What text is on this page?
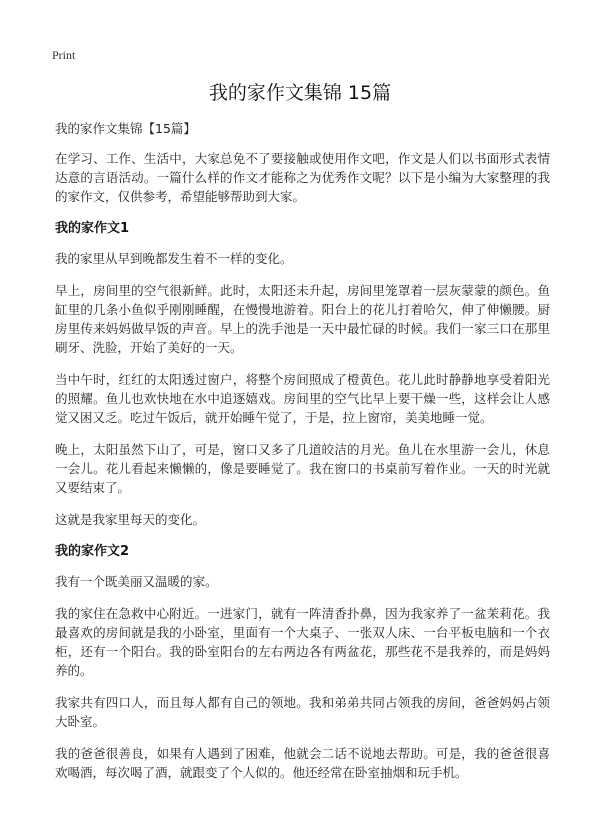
Print
我的家作文集锦 15篇

我的家作文集锦【15篇】

在学习、工作、生活中，大家总免不了要接触或使用作文吧，作文是人们以书面形式表情达意的言语活动。一篇什么样的作文才能称之为优秀作文呢？以下是小编为大家整理的我的家作文，仅供参考，希望能够帮助到大家。

我的家作文1

我的家里从早到晚都发生着不一样的变化。

早上，房间里的空气很新鲜。此时，太阳还未升起，房间里笼罩着一层灰蒙蒙的颜色。鱼缸里的几条小鱼似乎刚刚睡醒，在慢慢地游着。阳台上的花儿打着哈欠，伸了伸懒腰。厨房里传来妈妈做早饭的声音。早上的洗手池是一天中最忙碌的时候。我们一家三口在那里刷牙、洗脸，开始了美好的一天。

当中午时，红红的太阳透过窗户，将整个房间照成了橙黄色。花儿此时静静地享受着阳光的照耀。鱼儿也欢快地在水中追逐嬉戏。房间里的空气比早上要干燥一些，这样会让人感觉又困又乏。吃过午饭后，就开始睡午觉了，于是，拉上窗帘，美美地睡一觉。

晚上，太阳虽然下山了，可是，窗口又多了几道皎洁的月光。鱼儿在水里游一会儿，休息一会儿。花儿看起来懒懒的，像是要睡觉了。我在窗口的书桌前写着作业。一天的时光就又要结束了。

这就是我家里每天的变化。

我的家作文2

我有一个既美丽又温暖的家。

我的家住在急救中心附近。一进家门，就有一阵清香扑鼻，因为我家养了一盆茉莉花。我最喜欢的房间就是我的小卧室，里面有一个大桌子、一张双人床、一台平板电脑和一个衣柜，还有一个阳台。我的卧室阳台的左右两边各有两盆花，那些花不是我养的，而是妈妈养的。

我家共有四口人，而且每人都有自己的领地。我和弟弟共同占领我的房间，爸爸妈妈占领大卧室。

我的爸爸很善良，如果有人遇到了困难，他就会二话不说地去帮助。可是，我的爸爸很喜欢喝酒，每次喝了酒，就跟变了个人似的。他还经常在卧室抽烟和玩手机。
